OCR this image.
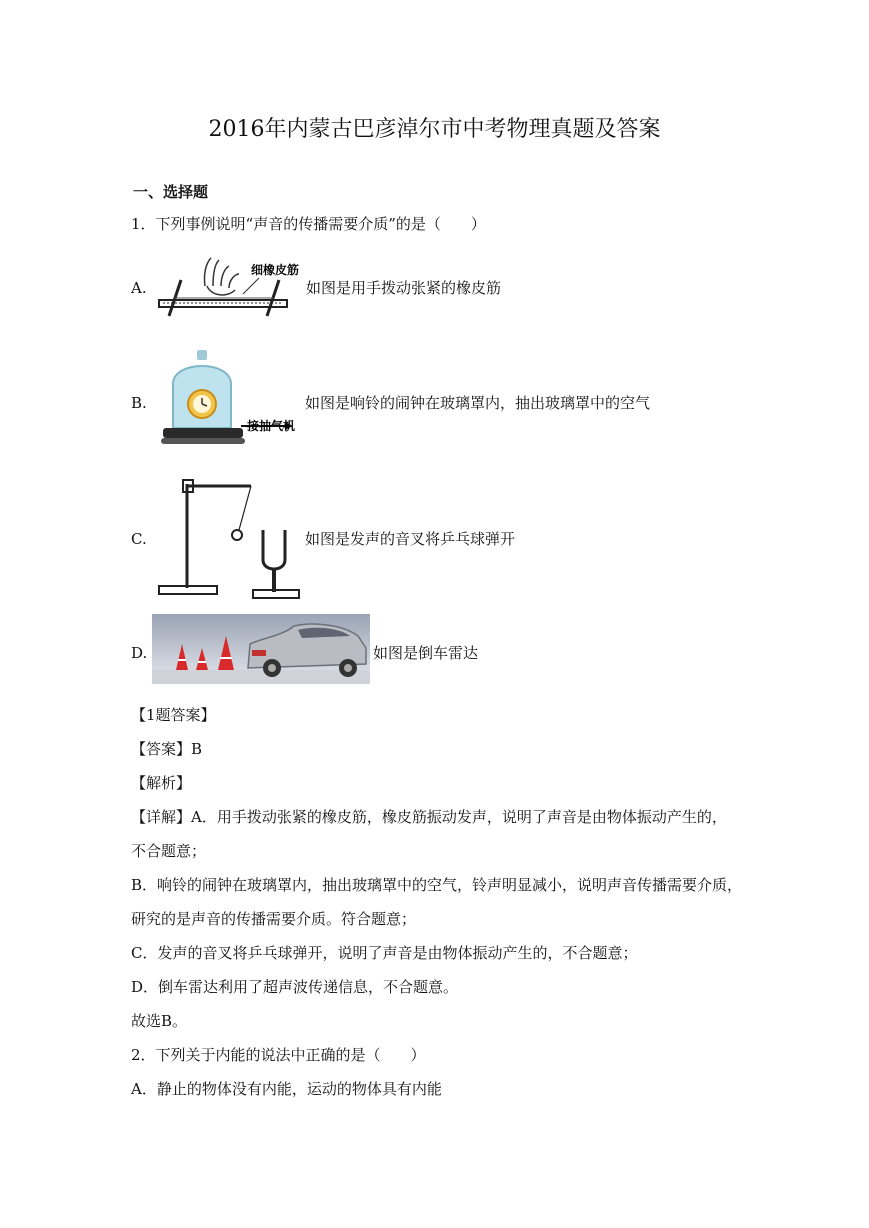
2016年内蒙古巴彦淖尔市中考物理真题及答案
一、选择题
1．下列事例说明“声音的传播需要介质”的是（　　）
A.
细橡皮筋
如图是用手拨动张紧的橡皮筋
B.
接抽气机
如图是响铃的闹钟在玻璃罩内，抽出玻璃罩中的空气
C.	如图是发声的音叉将乒乓球弹开
D.	如图是倒车雷达
【1题答案】
【答案】B
【解析】
【详解】A．用手拨动张紧的橡皮筋，橡皮筋振动发声，说明了声音是由物体振动产生的，
不合题意；
B．响铃的闹钟在玻璃罩内，抽出玻璃罩中的空气，铃声明显减小，说明声音传播需要介质，
研究的是声音的传播需要介质。符合题意；
C．发声的音叉将乒乓球弹开，说明了声音是由物体振动产生的，不合题意；
D．倒车雷达利用了超声波传递信息，不合题意。
故选B。
2．下列关于内能的说法中正确的是（　　）
A．静止的物体没有内能，运动的物体具有内能
